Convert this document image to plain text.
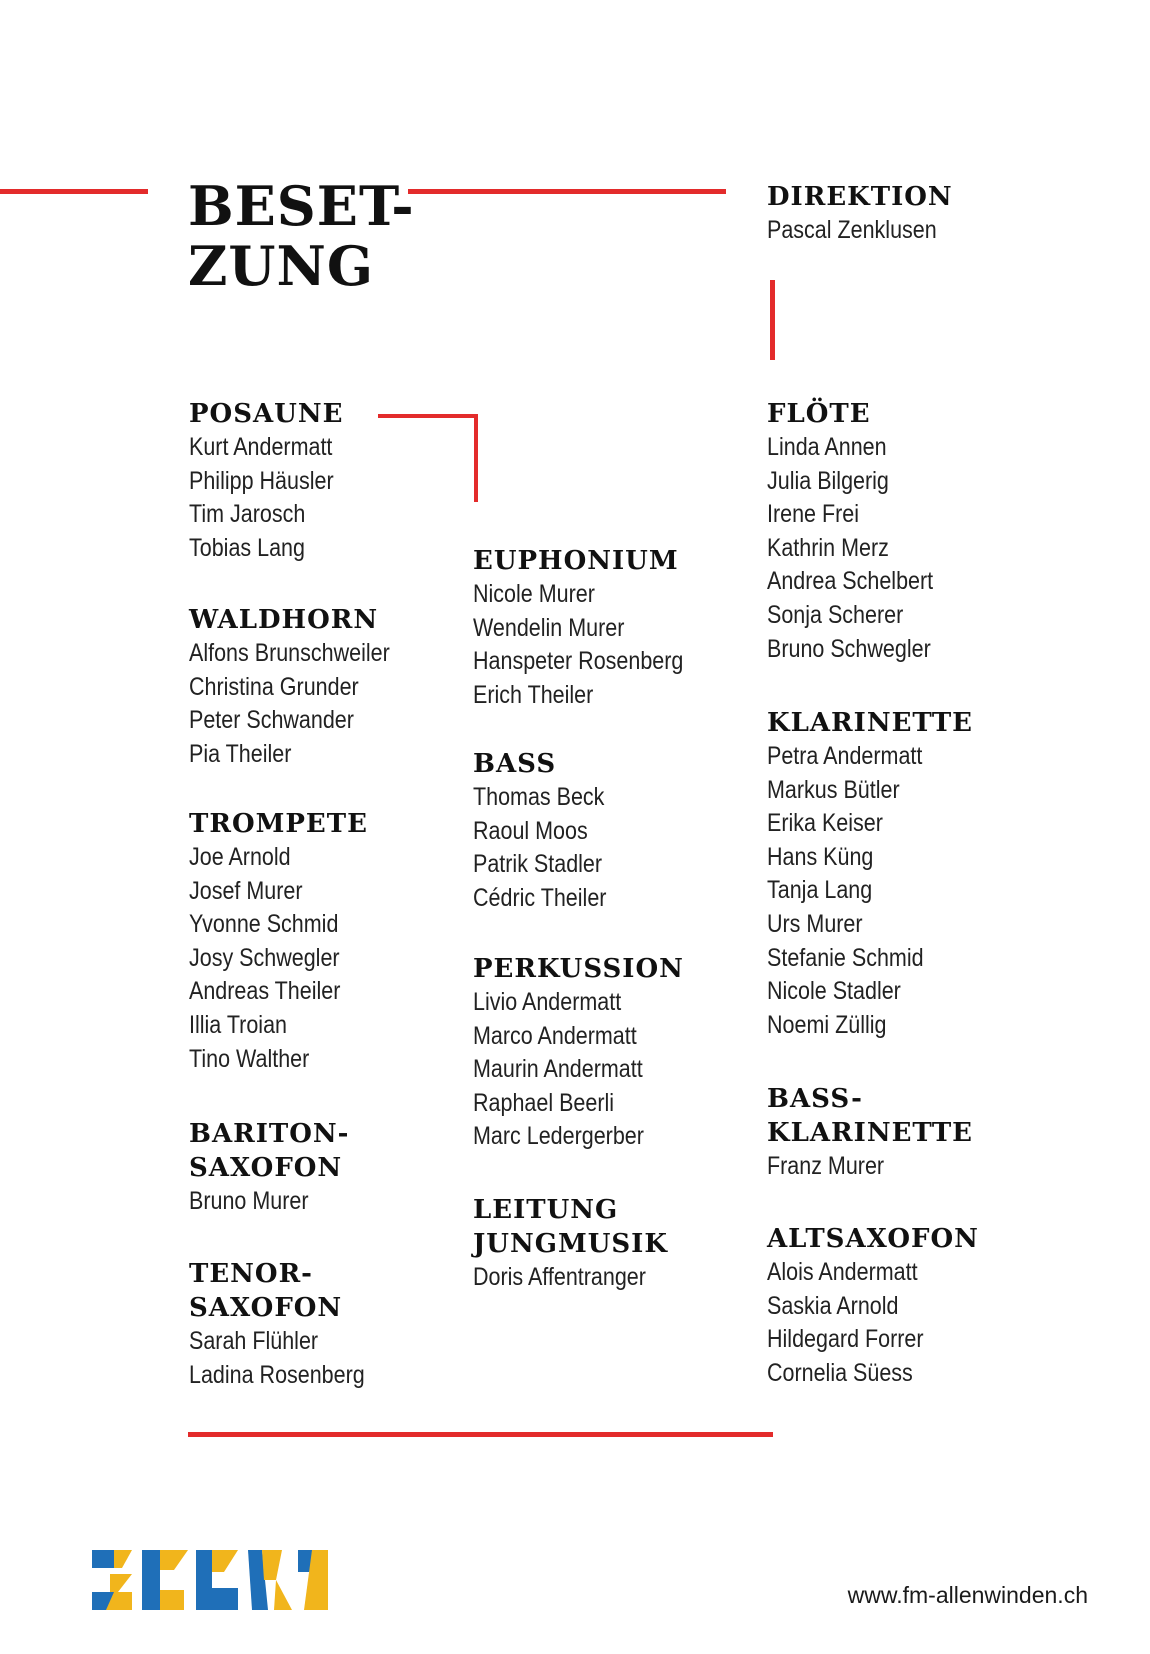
BESET-
ZUNG
DIREKTION
Pascal Zenklusen
FLÖTE
Linda Annen
Julia Bilgerig
Irene Frei
Kathrin Merz
Andrea Schelbert
Sonja Scherer
Bruno Schwegler
KLARINETTE
Petra Andermatt
Markus Bütler
Erika Keiser
Hans Küng
Tanja Lang
Urs Murer
Stefanie Schmid
Nicole Stadler
Noemi Züllig
BASS-
KLARINETTE
Franz Murer
ALTSAXOFON
Alois Andermatt
Saskia Arnold
Hildegard Forrer
Cornelia Süess
POSAUNE
Kurt Andermatt
Philipp Häusler
Tim Jarosch
Tobias Lang
WALDHORN
Alfons Brunschweiler
Christina Grunder
Peter Schwander
Pia Theiler
TROMPETE
Joe Arnold
Josef Murer
Yvonne Schmid
Josy Schwegler
Andreas Theiler
Illia Troian
Tino Walther
BARITON-
SAXOFON
Bruno Murer
TENOR-
SAXOFON
Sarah Flühler
Ladina Rosenberg
EUPHONIUM
Nicole Murer
Wendelin Murer
Hanspeter Rosenberg
Erich Theiler
BASS
Thomas Beck
Raoul Moos
Patrik Stadler
Cédric Theiler
PERKUSSION
Livio Andermatt
Marco Andermatt
Maurin Andermatt
Raphael Beerli
Marc Ledergerber
LEITUNG
JUNGMUSIK
Doris Affentranger
www.fm-allenwinden.ch
